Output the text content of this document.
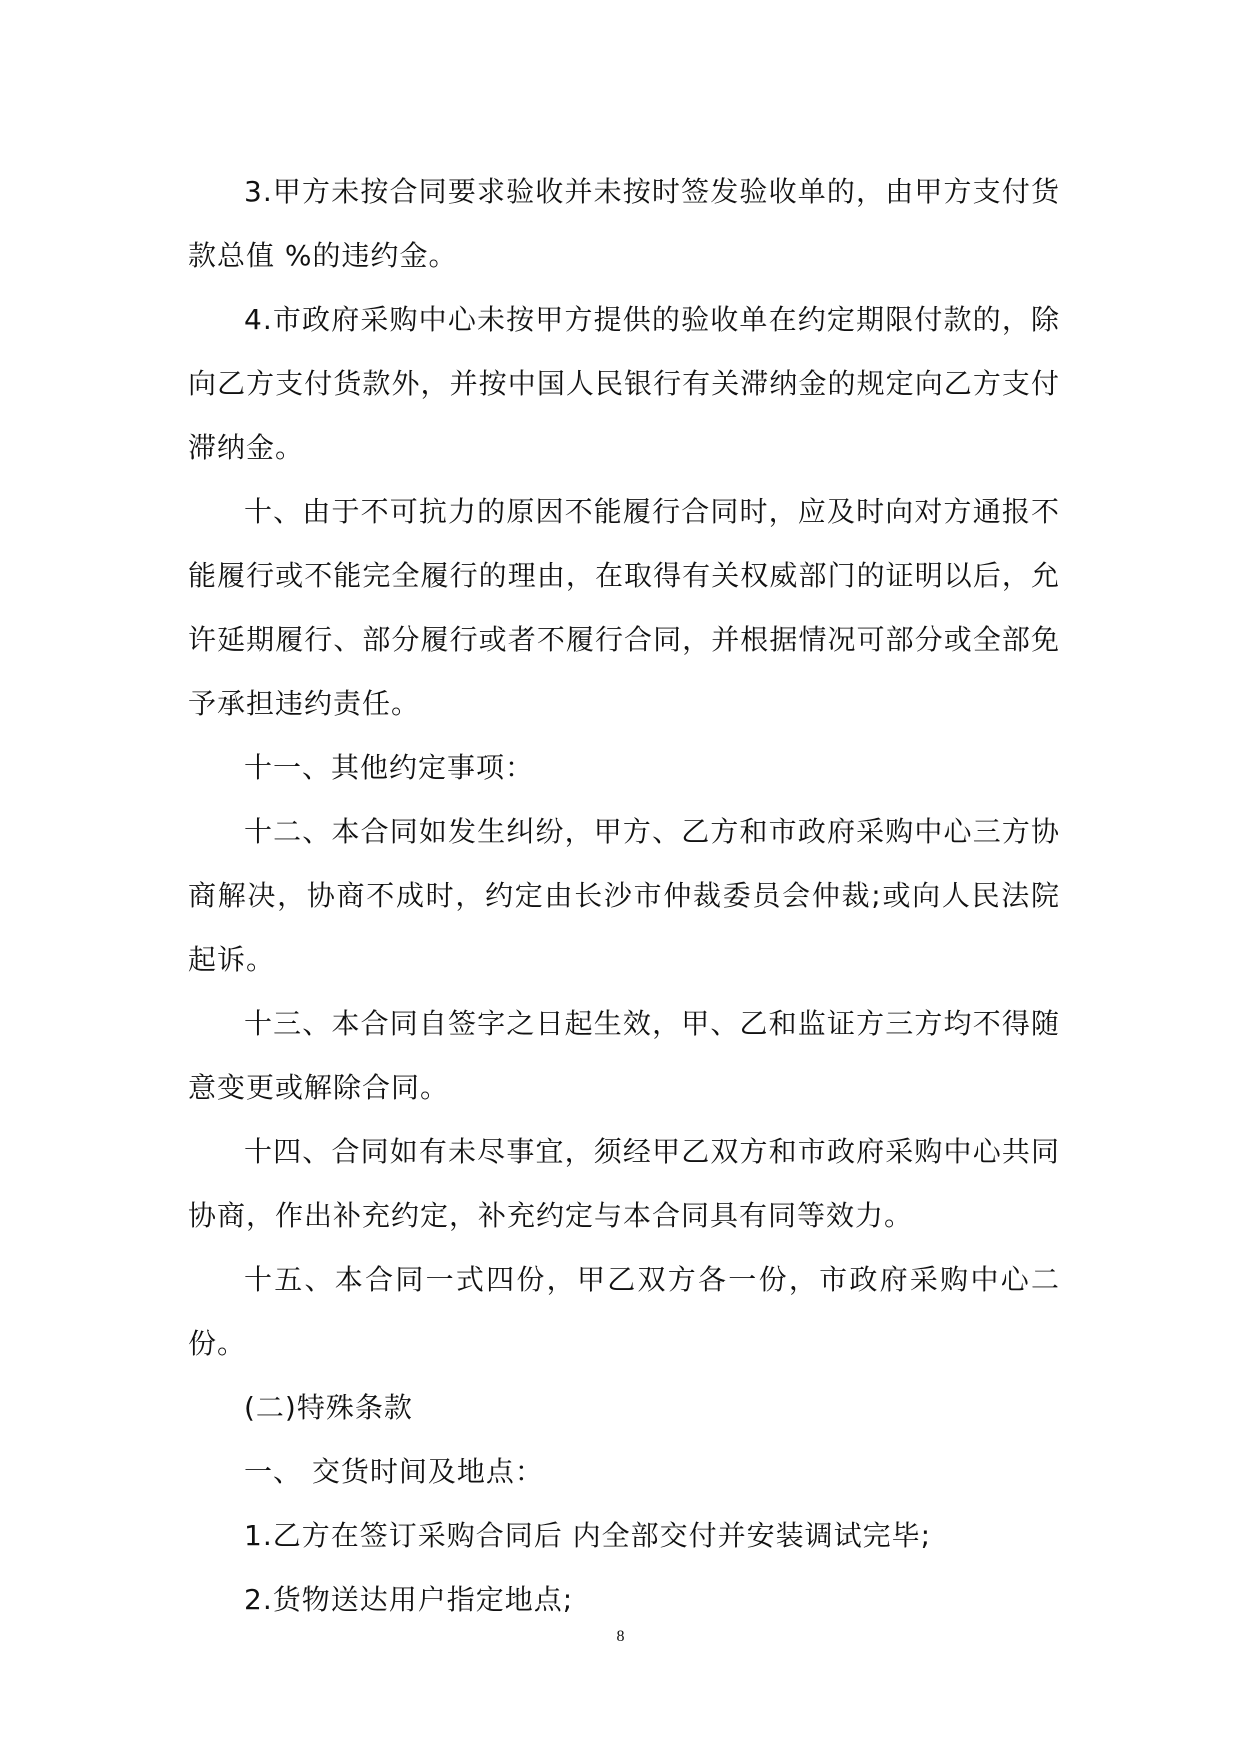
3.甲方未按合同要求验收并未按时签发验收单的，由甲方支付货款总值 %的违约金。

4.市政府采购中心未按甲方提供的验收单在约定期限付款的，除向乙方支付货款外，并按中国人民银行有关滞纳金的规定向乙方支付滞纳金。

十、由于不可抗力的原因不能履行合同时，应及时向对方通报不能履行或不能完全履行的理由，在取得有关权威部门的证明以后，允许延期履行、部分履行或者不履行合同，并根据情况可部分或全部免予承担违约责任。

十一、其他约定事项：

十二、本合同如发生纠纷，甲方、乙方和市政府采购中心三方协商解决，协商不成时，约定由长沙市仲裁委员会仲裁;或向人民法院起诉。

十三、本合同自签字之日起生效，甲、乙和监证方三方均不得随意变更或解除合同。

十四、合同如有未尽事宜，须经甲乙双方和市政府采购中心共同协商，作出补充约定，补充约定与本合同具有同等效力。

十五、本合同一式四份，甲乙双方各一份，市政府采购中心二份。

(二)特殊条款

一、 交货时间及地点：

1.乙方在签订采购合同后 内全部交付并安装调试完毕;

2.货物送达用户指定地点;

8
